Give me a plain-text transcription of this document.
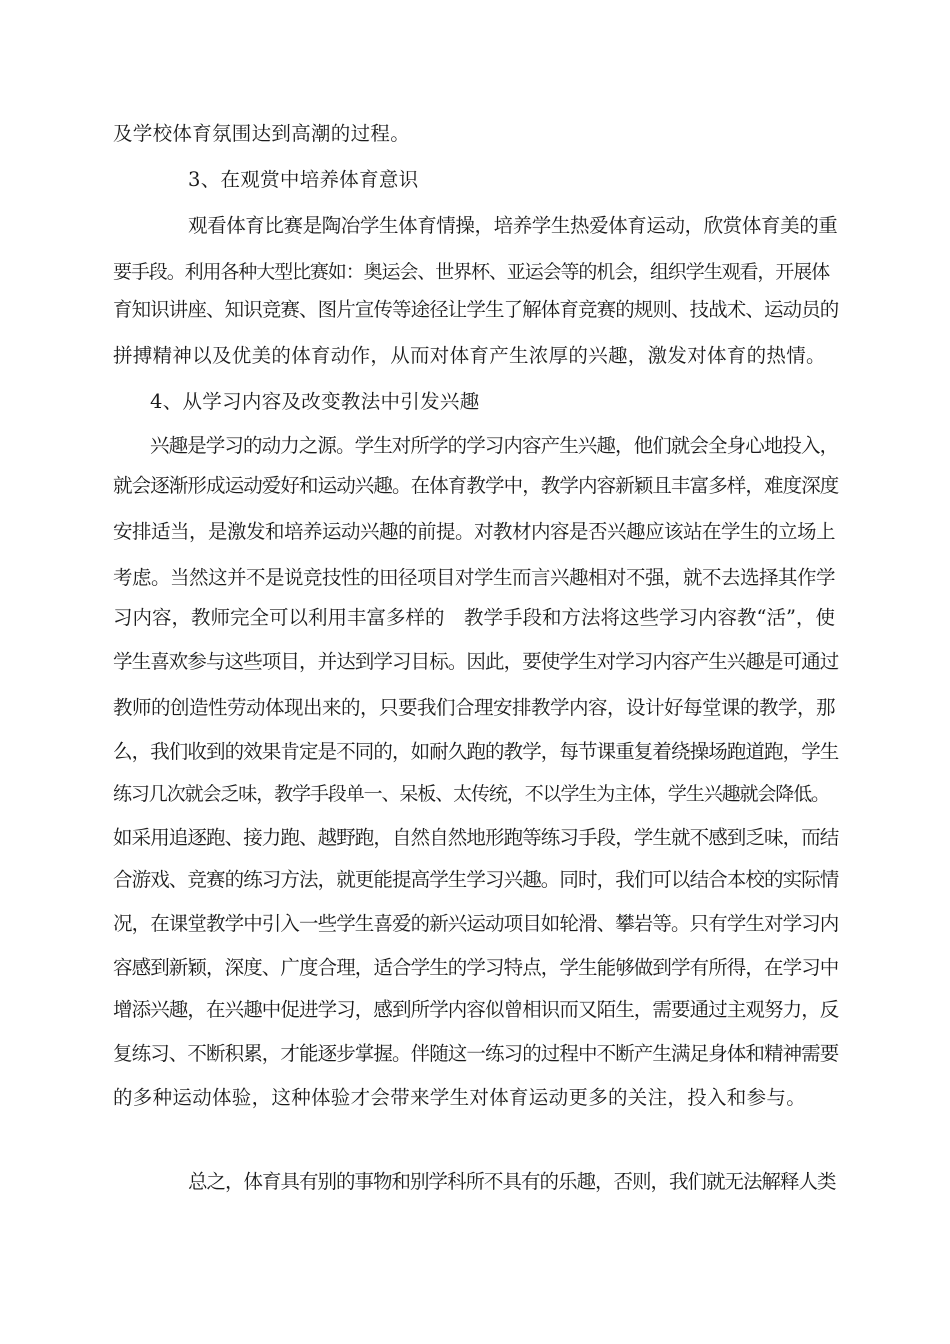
及学校体育氛围达到高潮的过程。
3、在观赏中培养体育意识
观看体育比赛是陶冶学生体育情操，培养学生热爱体育运动，欣赏体育美的重
要手段。利用各种大型比赛如：奥运会、世界杯、亚运会等的机会，组织学生观看，开展体
育知识讲座、知识竞赛、图片宣传等途径让学生了解体育竞赛的规则、技战术、运动员的
拼搏精神以及优美的体育动作，从而对体育产生浓厚的兴趣，激发对体育的热情。
4、从学习内容及改变教法中引发兴趣
兴趣是学习的动力之源。学生对所学的学习内容产生兴趣，他们就会全身心地投入，
就会逐渐形成运动爱好和运动兴趣。在体育教学中，教学内容新颖且丰富多样，难度深度
安排适当，是激发和培养运动兴趣的前提。对教材内容是否兴趣应该站在学生的立场上
考虑。当然这并不是说竞技性的田径项目对学生而言兴趣相对不强，就不去选择其作学
习内容，教师完全可以利用丰富多样的　教学手段和方法将这些学习内容教“活”，使
学生喜欢参与这些项目，并达到学习目标。因此，要使学生对学习内容产生兴趣是可通过
教师的创造性劳动体现出来的，只要我们合理安排教学内容，设计好每堂课的教学，那
么，我们收到的效果肯定是不同的，如耐久跑的教学，每节课重复着绕操场跑道跑，学生
练习几次就会乏味，教学手段单一、呆板、太传统，不以学生为主体，学生兴趣就会降低。
如采用追逐跑、接力跑、越野跑，自然自然地形跑等练习手段，学生就不感到乏味，而结
合游戏、竞赛的练习方法，就更能提高学生学习兴趣。同时，我们可以结合本校的实际情
况，在课堂教学中引入一些学生喜爱的新兴运动项目如轮滑、攀岩等。只有学生对学习内
容感到新颖，深度、广度合理，适合学生的学习特点，学生能够做到学有所得，在学习中
增添兴趣，在兴趣中促进学习，感到所学内容似曾相识而又陌生，需要通过主观努力，反
复练习、不断积累，才能逐步掌握。伴随这一练习的过程中不断产生满足身体和精神需要
的多种运动体验，这种体验才会带来学生对体育运动更多的关注，投入和参与。
总之，体育具有别的事物和别学科所不具有的乐趣，否则，我们就无法解释人类
